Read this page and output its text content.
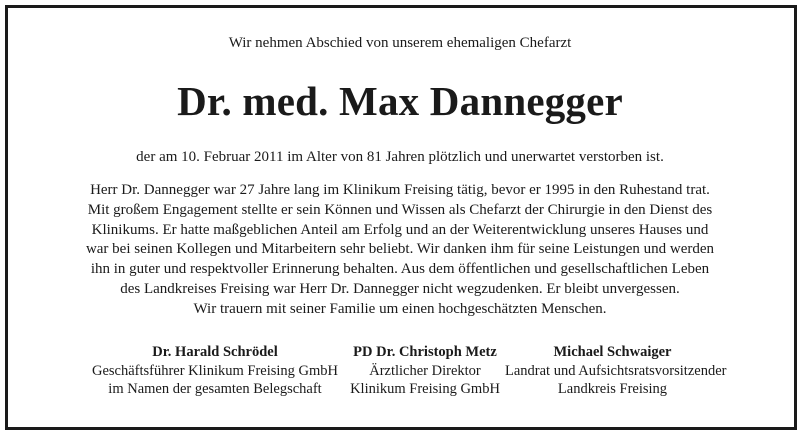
Wir nehmen Abschied von unserem ehemaligen Chefarzt
Dr. med. Max Dannegger
der am 10. Februar 2011 im Alter von 81 Jahren plötzlich und unerwartet verstorben ist.
Herr Dr. Dannegger war 27 Jahre lang im Klinikum Freising tätig, bevor er 1995 in den Ruhestand trat.
Mit großem Engagement stellte er sein Können und Wissen als Chefarzt der Chirurgie in den Dienst des
Klinikums. Er hatte maßgeblichen Anteil am Erfolg und an der Weiterentwicklung unseres Hauses und
war bei seinen Kollegen und Mitarbeitern sehr beliebt. Wir danken ihm für seine Leistungen und werden
ihn in guter und respektvoller Erinnerung behalten. Aus dem öffentlichen und gesellschaftlichen Leben
des Landkreises Freising war Herr Dr. Dannegger nicht wegzudenken. Er bleibt unvergessen.
Wir trauern mit seiner Familie um einen hochgeschätzten Menschen.
Dr. Harald Schrödel
Geschäftsführer Klinikum Freising GmbH
im Namen der gesamten Belegschaft
PD Dr. Christoph Metz
Ärztlicher Direktor
Klinikum Freising GmbH
Michael Schwaiger
Landrat und Aufsichtsratsvorsitzender
Landkreis Freising
